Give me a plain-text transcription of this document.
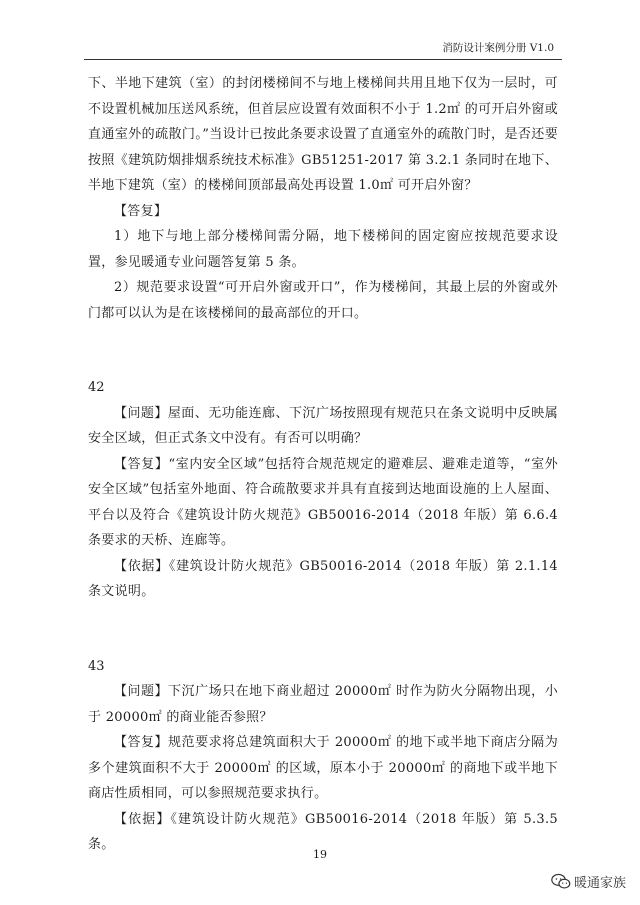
消防设计案例分册 V1.0

下、半地下建筑（室）的封闭楼梯间不与地上楼梯间共用且地下仅为一层时，可不设置机械加压送风系统，但首层应设置有效面积不小于 1.2㎡ 的可开启外窗或直通室外的疏散门。”当设计已按此条要求设置了直通室外的疏散门时，是否还要按照《建筑防烟排烟系统技术标准》GB51251-2017 第 3.2.1 条同时在地下、半地下建筑（室）的楼梯间顶部最高处再设置 1.0㎡ 可开启外窗？

【答复】

1）地下与地上部分楼梯间需分隔，地下楼梯间的固定窗应按规范要求设置，参见暖通专业问题答复第 5 条。

2）规范要求设置“可开启外窗或开口”，作为楼梯间，其最上层的外窗或外门都可以认为是在该楼梯间的最高部位的开口。

42

【问题】屋面、无功能连廊、下沉广场按照现有规范只在条文说明中反映属安全区域，但正式条文中没有。有否可以明确？

【答复】“室内安全区域”包括符合规范规定的避难层、避难走道等，“室外安全区域”包括室外地面、符合疏散要求并具有直接到达地面设施的上人屋面、平台以及符合《建筑设计防火规范》GB50016-2014（2018 年版）第 6.6.4 条要求的天桥、连廊等。

【依据】《建筑设计防火规范》GB50016-2014（2018 年版）第 2.1.14 条文说明。

43

【问题】下沉广场只在地下商业超过 20000㎡ 时作为防火分隔物出现，小于 20000㎡ 的商业能否参照？

【答复】规范要求将总建筑面积大于 20000㎡ 的地下或半地下商店分隔为多个建筑面积不大于 20000㎡ 的区域，原本小于 20000㎡ 的商地下或半地下商店性质相同，可以参照规范要求执行。

【依据】《建筑设计防火规范》GB50016-2014（2018 年版）第 5.3.5 条。

19
暖通家族
